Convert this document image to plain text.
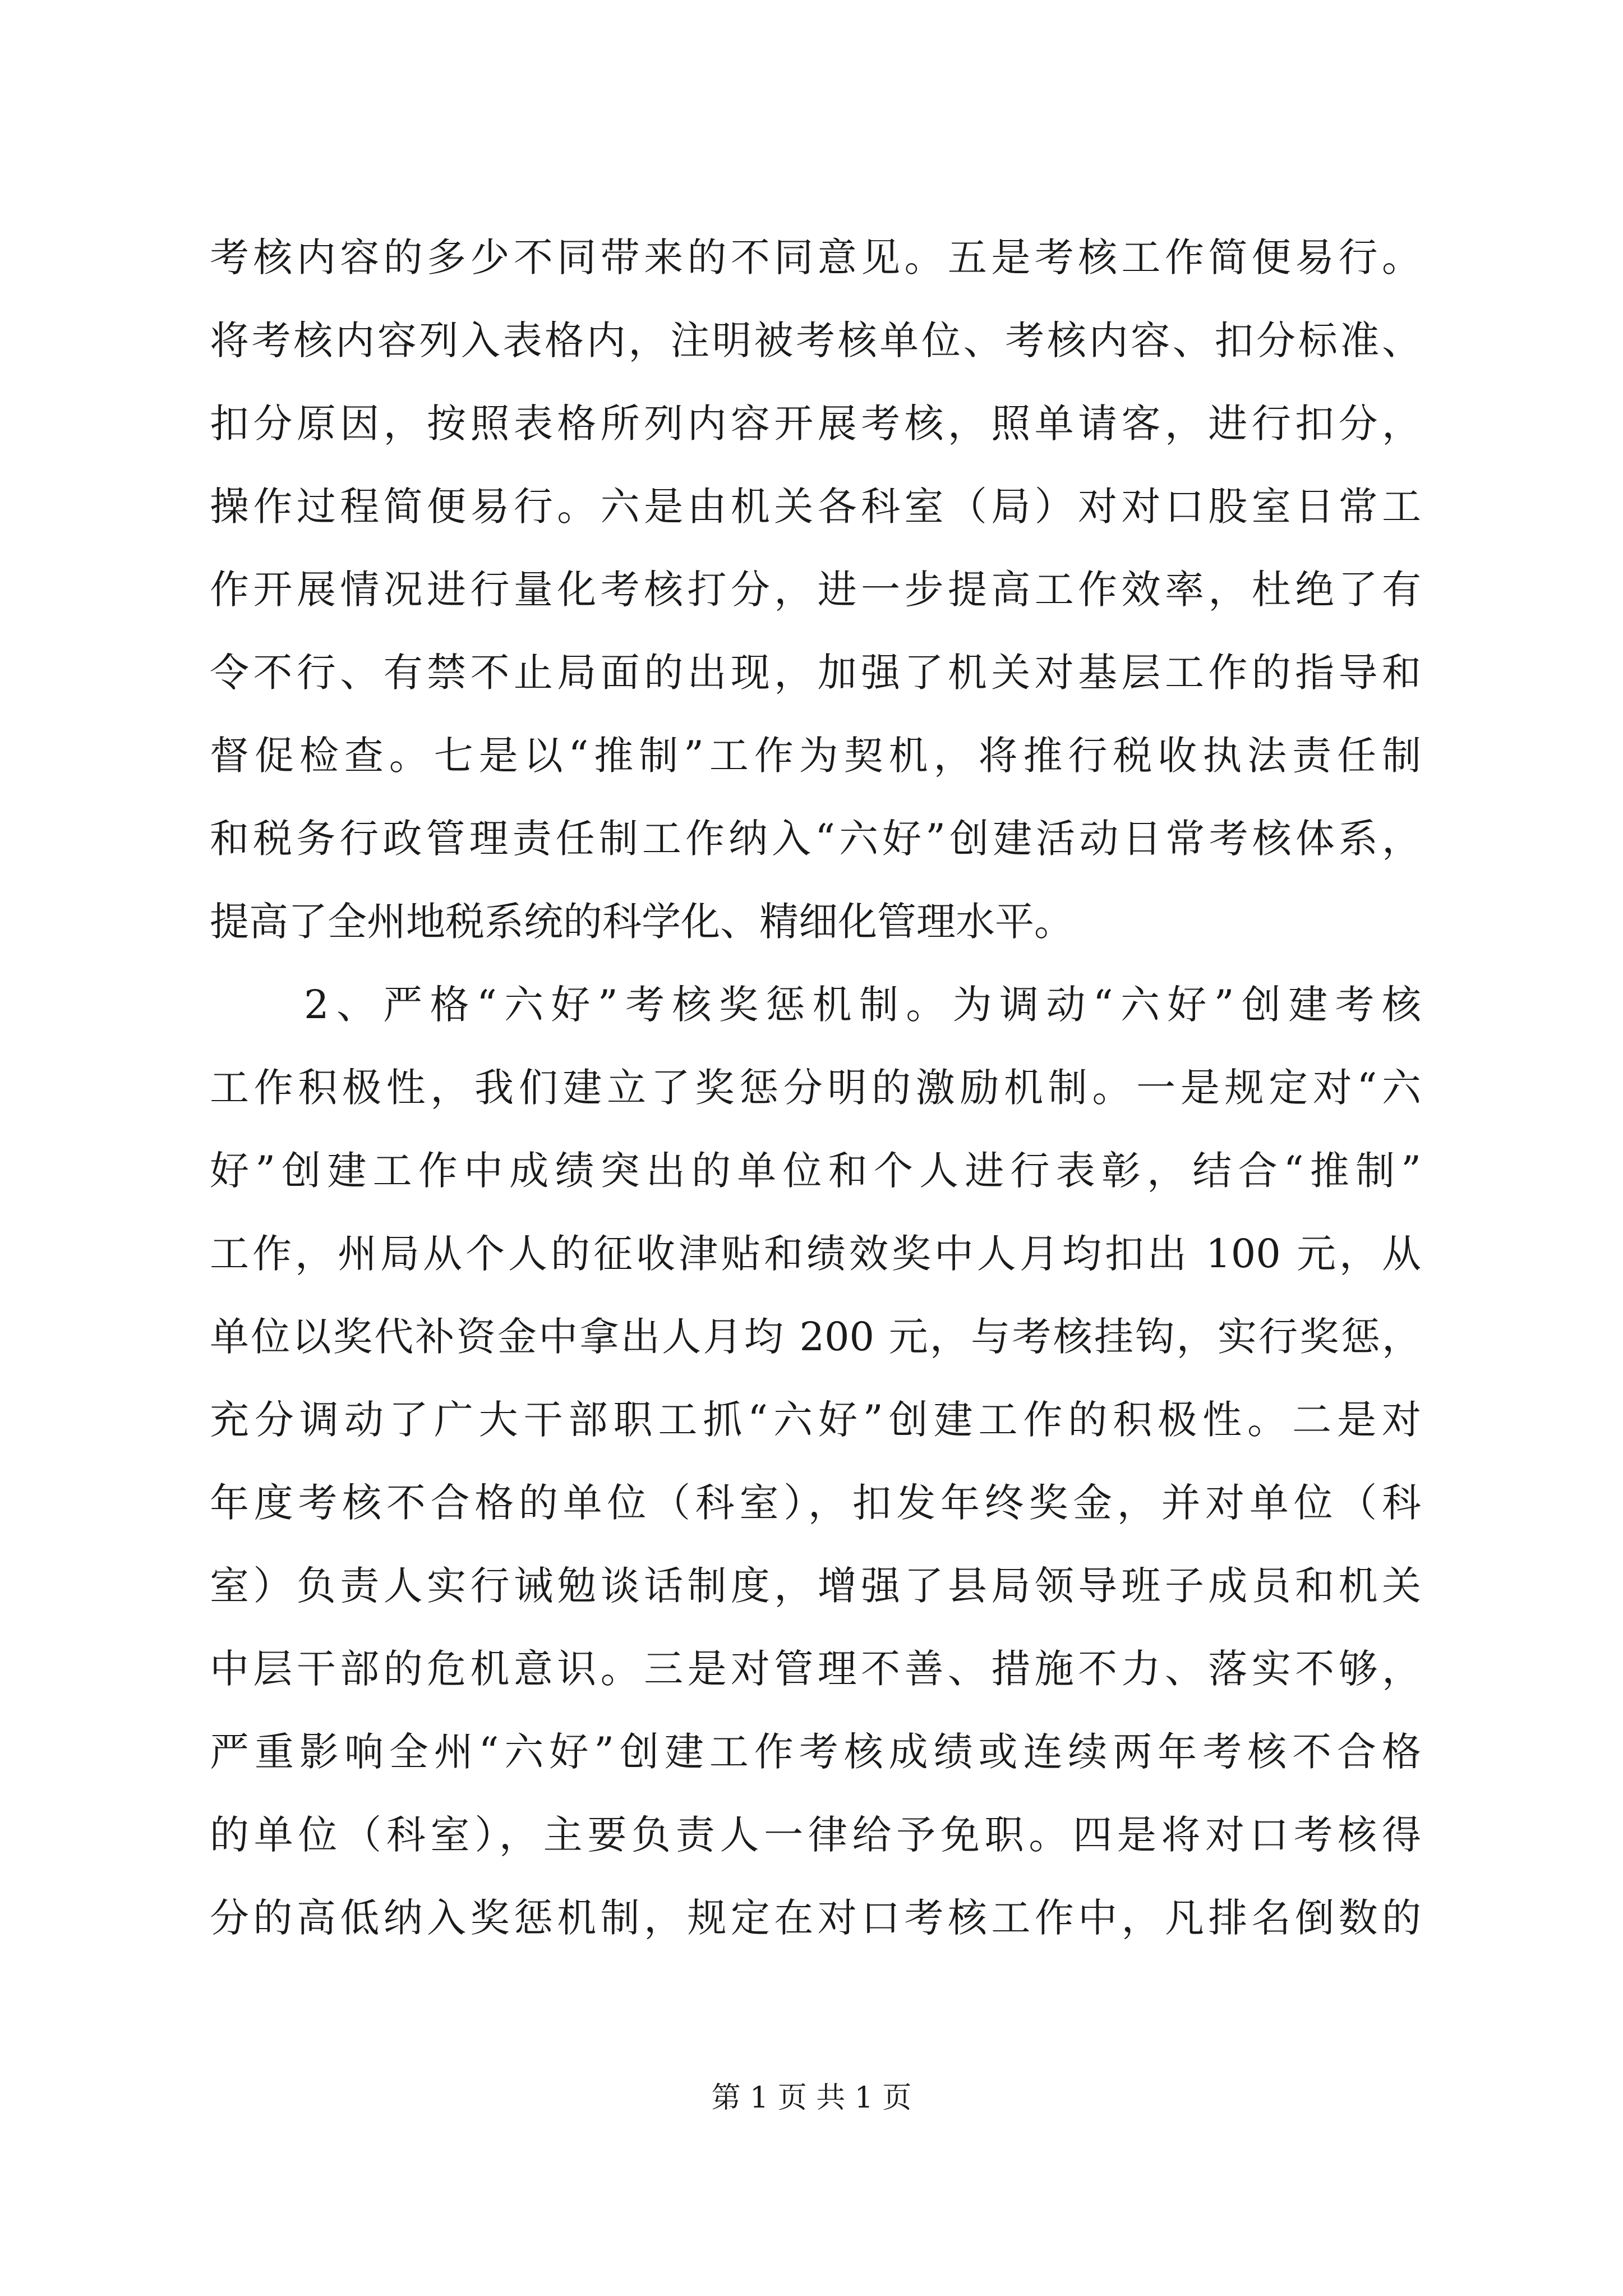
考核内容的多少不同带来的不同意见。五是考核工作简便易行。
将考核内容列入表格内，注明被考核单位、考核内容、扣分标准、
扣分原因，按照表格所列内容开展考核，照单请客，进行扣分，
操作过程简便易行。六是由机关各科室（局）对对口股室日常工
作开展情况进行量化考核打分，进一步提高工作效率，杜绝了有
令不行、有禁不止局面的出现，加强了机关对基层工作的指导和
督促检查。七是以“推制”工作为契机，将推行税收执法责任制
和税务行政管理责任制工作纳入“六好”创建活动日常考核体系，
提高了全州地税系统的科学化、精细化管理水平。
2、严格“六好”考核奖惩机制。为调动“六好”创建考核
工作积极性，我们建立了奖惩分明的激励机制。一是规定对“六
好”创建工作中成绩突出的单位和个人进行表彰，结合“推制”
工作，州局从个人的征收津贴和绩效奖中人月均扣出 100 元，从
单位以奖代补资金中拿出人月均 200 元，与考核挂钩，实行奖惩，
充分调动了广大干部职工抓“六好”创建工作的积极性。二是对
年度考核不合格的单位（科室），扣发年终奖金，并对单位（科
室）负责人实行诫勉谈话制度，增强了县局领导班子成员和机关
中层干部的危机意识。三是对管理不善、措施不力、落实不够，
严重影响全州“六好”创建工作考核成绩或连续两年考核不合格
的单位（科室），主要负责人一律给予免职。四是将对口考核得
分的高低纳入奖惩机制，规定在对口考核工作中，凡排名倒数的
第 1 页 共 1 页
